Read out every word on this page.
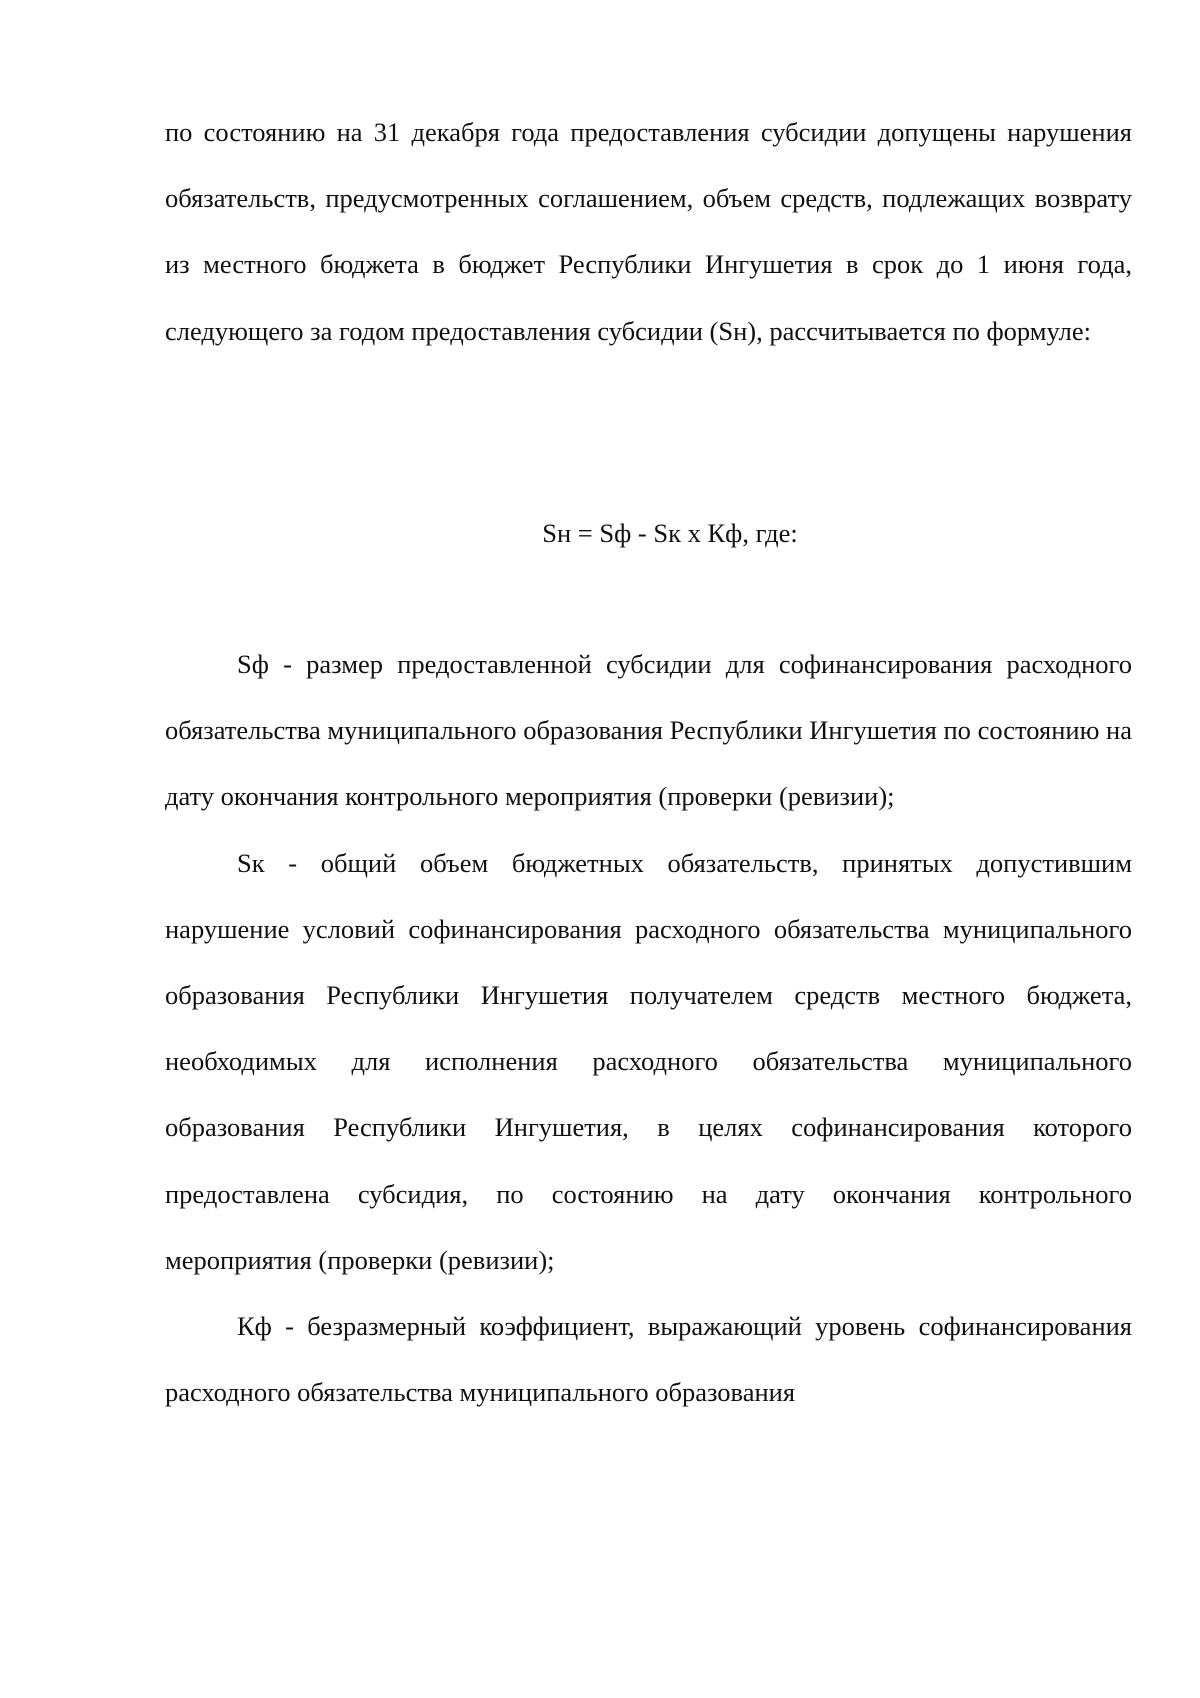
по состоянию на 31 декабря года предоставления субсидии допущены нарушения обязательств, предусмотренных соглашением, объем средств, подлежащих возврату из местного бюджета в бюджет Республики Ингушетия в срок до 1 июня года, следующего за годом предоставления субсидии (Sн), рассчитывается по формуле:

Sн = Sф - Sк x Кф, где:

Sф - размер предоставленной субсидии для софинансирования расходного обязательства муниципального образования Республики Ингушетия по состоянию на дату окончания контрольного мероприятия (проверки (ревизии);

Sк - общий объем бюджетных обязательств, принятых допустившим нарушение условий софинансирования расходного обязательства муниципального образования Республики Ингушетия получателем средств местного бюджета, необходимых для исполнения расходного обязательства муниципального образования Республики Ингушетия, в целях софинансирования которого предоставлена субсидия, по состоянию на дату окончания контрольного мероприятия (проверки (ревизии);

Кф - безразмерный коэффициент, выражающий уровень софинансирования расходного обязательства муниципального образования
